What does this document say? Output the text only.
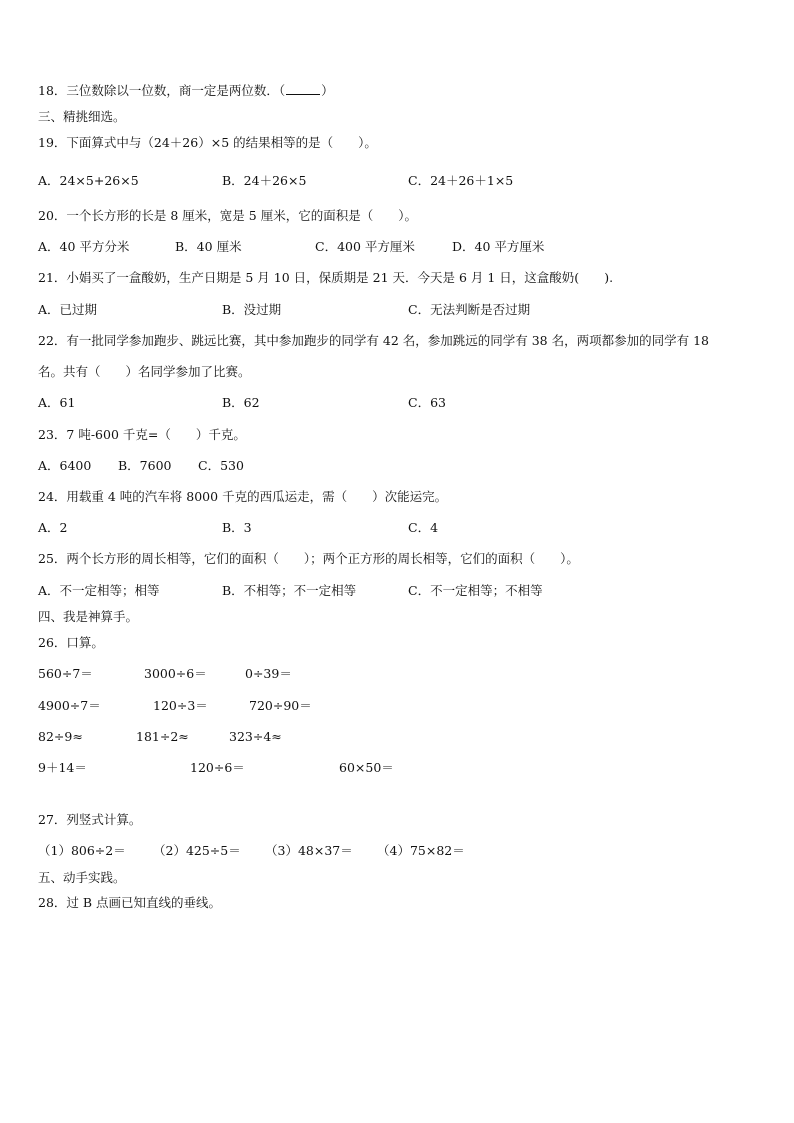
18．三位数除以一位数，商一定是两位数．（	）
三、精挑细选。
19．下面算式中与（24＋26）×5 的结果相等的是（　　）。
A．24×5+26×5	B．24＋26×5	C．24＋26＋1×5
20．一个长方形的长是 8 厘米，宽是 5 厘米，它的面积是（　　）。
A．40 平方分米	B．40 厘米	C．400 平方厘米	D．40 平方厘米
21．小娟买了一盒酸奶，生产日期是 5 月 10 日，保质期是 21 天．今天是 6 月 1 日，这盒酸奶(　　).
A．已过期	B．没过期	C．无法判断是否过期
22．有一批同学参加跑步、跳远比赛，其中参加跑步的同学有 42 名，参加跳远的同学有 38 名，两项都参加的同学有 18
名。共有（　　）名同学参加了比赛。
A．61	B．62	C．63
23．7 吨-600 千克=（　　）千克。
A．6400 B．7600 C．530
24．用载重 4 吨的汽车将 8000 千克的西瓜运走，需（　　）次能运完。
A．2	B．3	C．4
25．两个长方形的周长相等，它们的面积（　　）；两个正方形的周长相等，它们的面积（　　）。
A．不一定相等；相等	B．不相等；不一定相等	C．不一定相等；不相等
四、我是神算手。
26．口算。
560÷7＝	3000÷6＝	0÷39＝
4900÷7＝	120÷3＝	720÷90＝
82÷9≈	181÷2≈	323÷4≈
9＋14＝	120÷6＝	60×50＝
27．列竖式计算。
（1）806÷2＝ （2）425÷5＝ （3）48×37＝ （4）75×82＝
五、动手实践。
28．过 B 点画已知直线的垂线。
